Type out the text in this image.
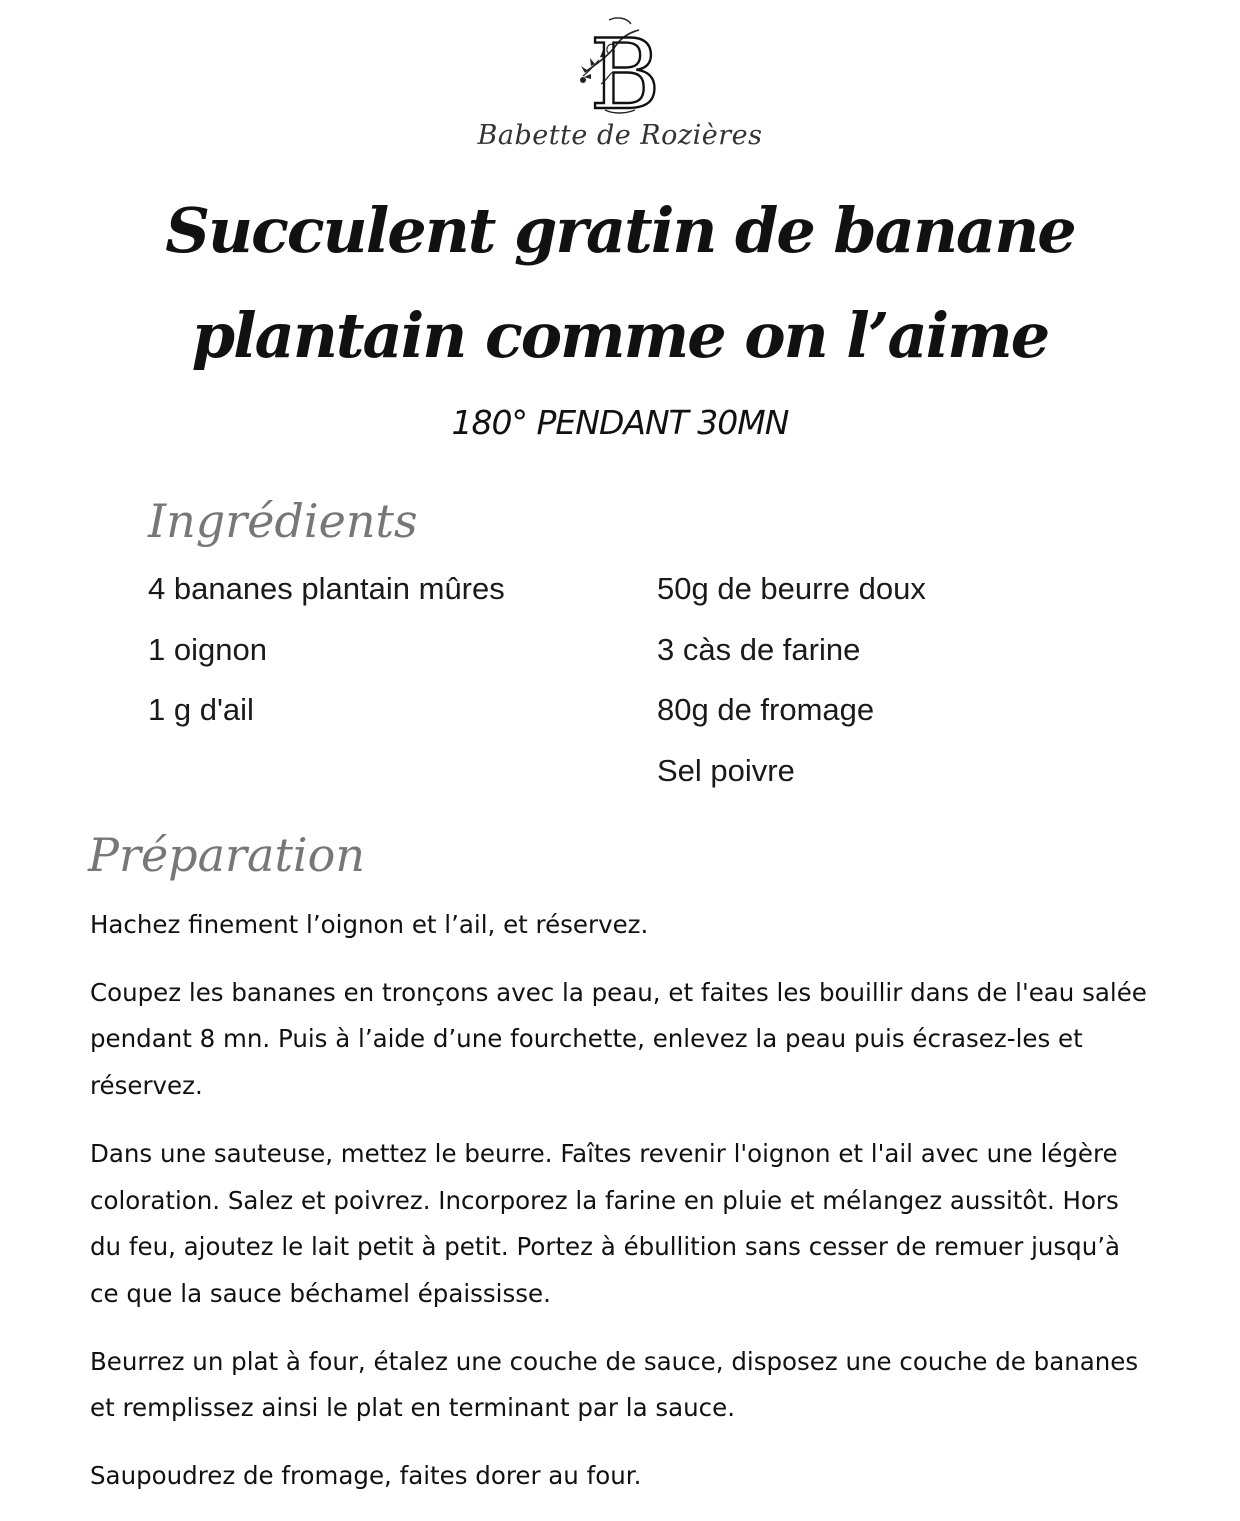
B
Babette de Rozières
Succulent gratin de banane
plantain comme on l’aime
180° PENDANT 30MN
Ingrédients
4 bananes plantain mûres
1 oignon
1 g d'ail
50g de beurre doux
3 càs de farine
80g de fromage
Sel poivre
Préparation

Hachez finement l’oignon et l’ail, et réservez.

Coupez les bananes en tronçons avec la peau, et faites les bouillir dans de l'eau salée pendant 8 mn. Puis à l’aide d’une fourchette, enlevez la peau puis écrasez-les et réservez.

Dans une sauteuse, mettez le beurre. Faîtes revenir l'oignon et l'ail avec une légère coloration. Salez et poivrez. Incorporez la farine en pluie et mélangez aussitôt. Hors du feu, ajoutez le lait petit à petit. Portez à ébullition sans cesser de remuer jusqu’à ce que la sauce béchamel épaississe.

Beurrez un plat à four, étalez une couche de sauce, disposez une couche de bananes et remplissez ainsi le plat en terminant par la sauce.

Saupoudrez de fromage, faites dorer au four.
